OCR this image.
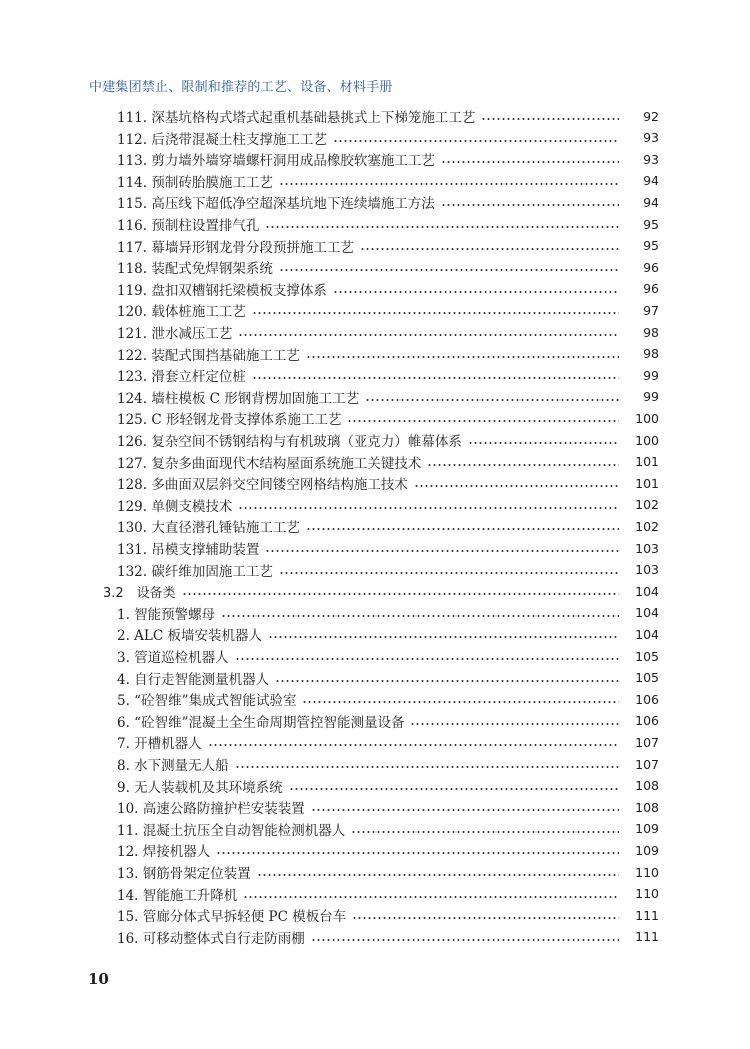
中建集团禁止、限制和推荐的工艺、设备、材料手册
111. 深基坑格构式塔式起重机基础悬挑式上下梯笼施工工艺	92
112. 后浇带混凝土柱支撑施工工艺	93
113. 剪力墙外墙穿墙螺杆洞用成品橡胶软塞施工工艺	93
114. 预制砖胎膜施工工艺	94
115. 高压线下超低净空超深基坑地下连续墙施工方法	94
116. 预制柱设置排气孔	95
117. 幕墙异形钢龙骨分段预拼施工工艺	95
118. 装配式免焊钢架系统	96
119. 盘扣双槽钢托梁模板支撑体系	96
120. 载体桩施工工艺	97
121. 泄水减压工艺	98
122. 装配式围挡基础施工工艺	98
123. 滑套立杆定位桩	99
124. 墙柱模板 C 形钢背楞加固施工工艺	99
125. C 形轻钢龙骨支撑体系施工工艺	100
126. 复杂空间不锈钢结构与有机玻璃（亚克力）帷幕体系	100
127. 复杂多曲面现代木结构屋面系统施工关键技术	101
128. 多曲面双层斜交空间镂空网格结构施工技术	101
129. 单侧支模技术	102
130. 大直径潜孔锤钻施工工艺	102
131. 吊模支撑辅助装置	103
132. 碳纤维加固施工工艺	103
3.2　设备类	104
1. 智能预警螺母	104
2. ALC 板墙安装机器人	104
3. 管道巡检机器人	105
4. 自行走智能测量机器人	105
5. “砼智维”集成式智能试验室	106
6. “砼智维”混凝土全生命周期管控智能测量设备	106
7. 开槽机器人	107
8. 水下测量无人船	107
9. 无人装载机及其环境系统	108
10. 高速公路防撞护栏安装装置	108
11. 混凝土抗压全自动智能检测机器人	109
12. 焊接机器人	109
13. 钢筋骨架定位装置	110
14. 智能施工升降机	110
15. 管廊分体式早拆轻便 PC 模板台车	111
16. 可移动整体式自行走防雨棚	111
10
